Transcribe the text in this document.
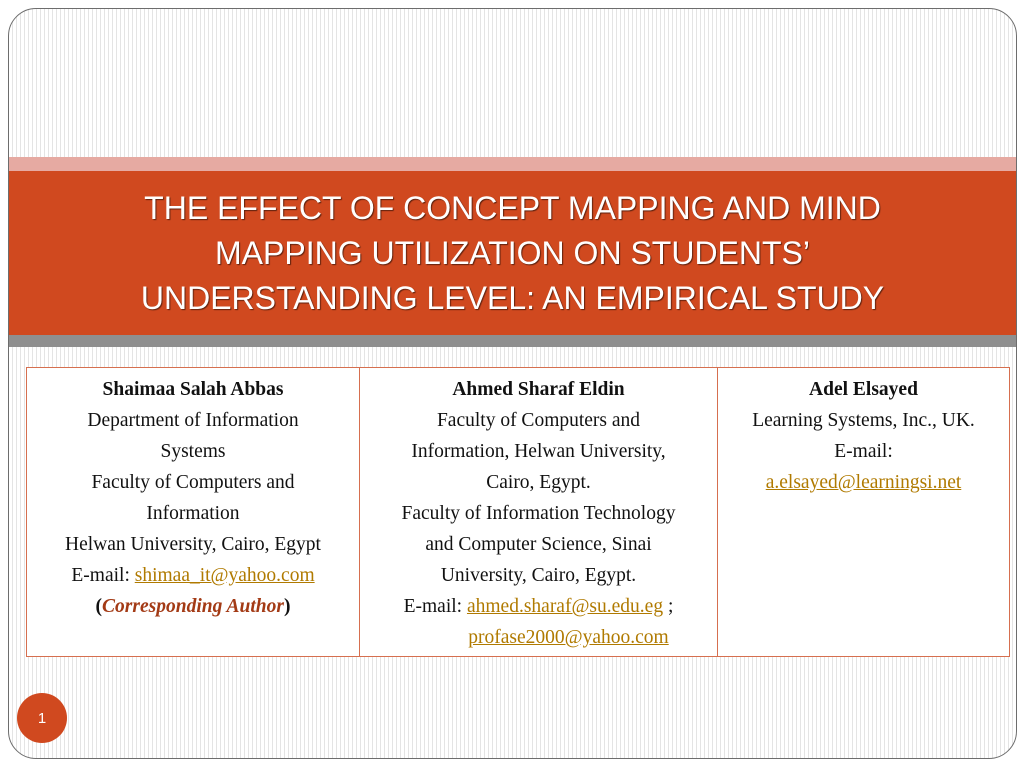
THE EFFECT OF CONCEPT MAPPING AND MIND
MAPPING UTILIZATION ON STUDENTS’
UNDERSTANDING LEVEL: AN EMPIRICAL STUDY
Shaimaa Salah Abbas
Department of Information
Systems
Faculty of Computers and
Information
Helwan University, Cairo, Egypt
E-mail: shimaa_it@yahoo.com
(Corresponding Author)
Ahmed Sharaf Eldin
Faculty of Computers and
Information, Helwan University,
Cairo, Egypt.
Faculty of Information Technology
and Computer Science, Sinai
University, Cairo, Egypt.
E-mail: ahmed.sharaf@su.edu.eg ;
profase2000@yahoo.com
Adel Elsayed
Learning Systems, Inc., UK.
E-mail:
a.elsayed@learningsi.net
1
